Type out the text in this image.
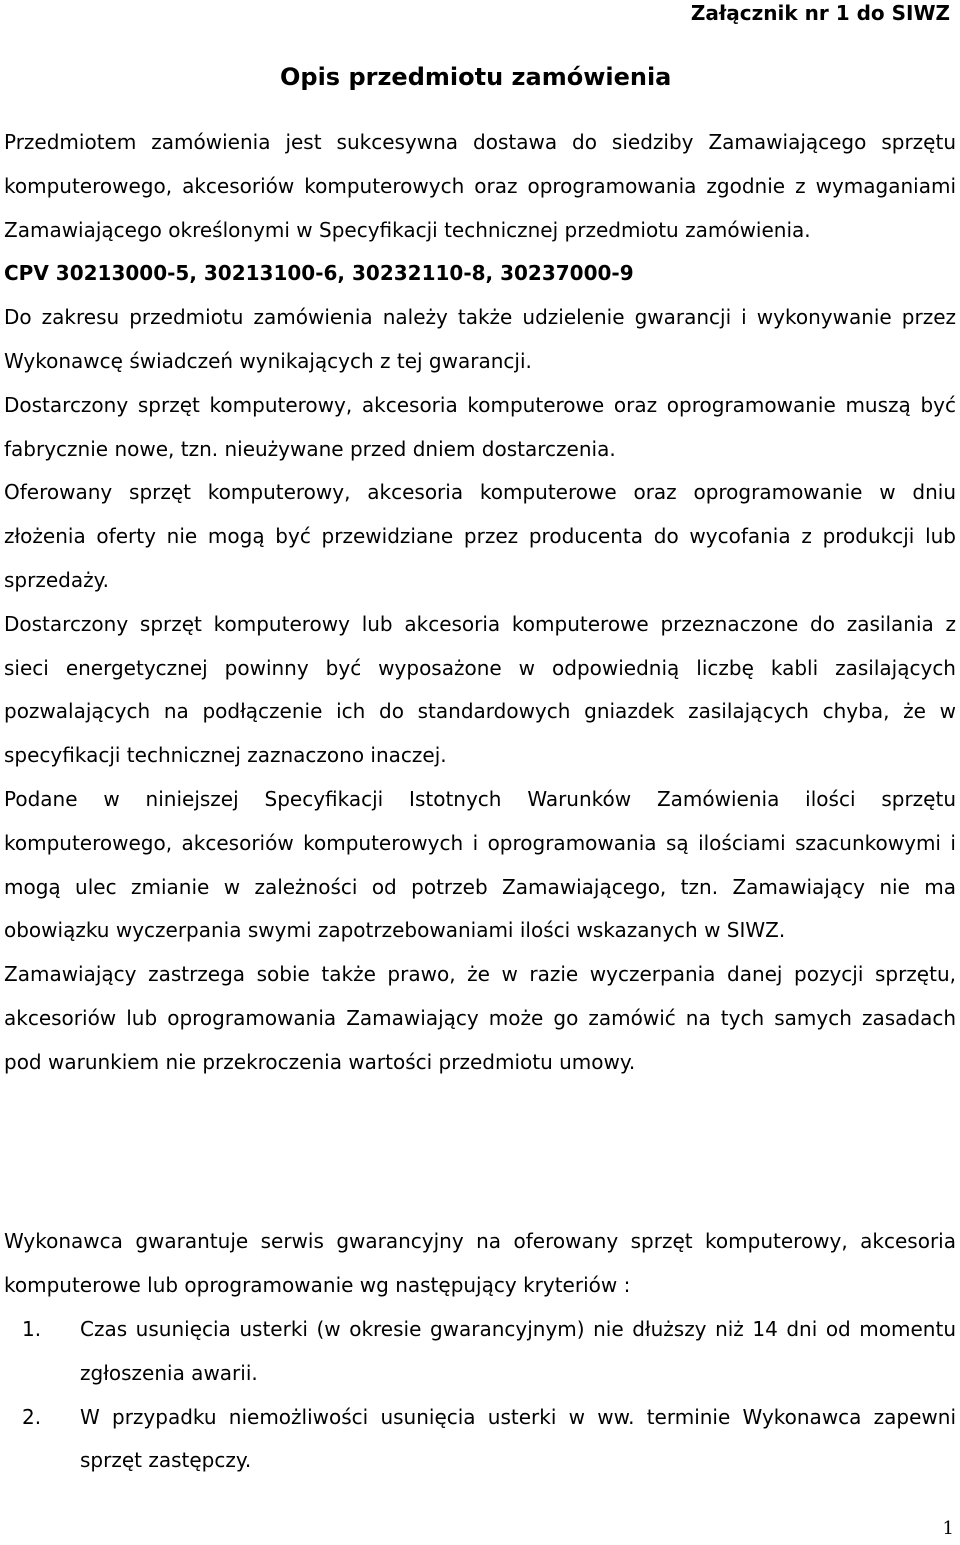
Załącznik nr 1 do SIWZ
Opis przedmiotu zamówienia

Przedmiotem zamówienia jest sukcesywna dostawa do siedziby Zamawiającego sprzętu komputerowego, akcesoriów komputerowych oraz oprogramowania zgodnie z wymaganiami Zamawiającego określonymi w Specyfikacji technicznej przedmiotu zamówienia.

CPV 30213000-5, 30213100-6, 30232110-8, 30237000-9

Do zakresu przedmiotu zamówienia należy także udzielenie gwarancji i wykonywanie przez Wykonawcę świadczeń wynikających z tej gwarancji.

Dostarczony sprzęt komputerowy, akcesoria komputerowe oraz oprogramowanie muszą być fabrycznie nowe, tzn. nieużywane przed dniem dostarczenia.

Oferowany sprzęt komputerowy, akcesoria komputerowe oraz oprogramowanie w dniu złożenia oferty nie mogą być przewidziane przez producenta do wycofania z produkcji lub sprzedaży.

Dostarczony sprzęt komputerowy lub akcesoria komputerowe przeznaczone do zasilania z sieci energetycznej powinny być wyposażone w odpowiednią liczbę kabli zasilających pozwalających na podłączenie ich do standardowych gniazdek zasilających chyba, że w specyfikacji technicznej zaznaczono inaczej.

Podane w niniejszej Specyfikacji Istotnych Warunków Zamówienia ilości sprzętu komputerowego, akcesoriów komputerowych i oprogramowania są ilościami szacunkowymi i mogą ulec zmianie w zależności od potrzeb Zamawiającego, tzn. Zamawiający nie ma obowiązku wyczerpania swymi zapotrzebowaniami ilości wskazanych w SIWZ.

Zamawiający zastrzega sobie także prawo, że w razie wyczerpania danej pozycji sprzętu, akcesoriów lub oprogramowania Zamawiający może go zamówić na tych samych zasadach pod warunkiem nie przekroczenia wartości przedmiotu umowy.

Wykonawca gwarantuje serwis gwarancyjny na oferowany sprzęt komputerowy, akcesoria komputerowe lub oprogramowanie wg następujący kryteriów :

1.	Czas usunięcia usterki (w okresie gwarancyjnym) nie dłuższy niż 14 dni od momentu zgłoszenia awarii.
2.	W przypadku niemożliwości usunięcia usterki w ww. terminie Wykonawca zapewni sprzęt zastępczy.
1
